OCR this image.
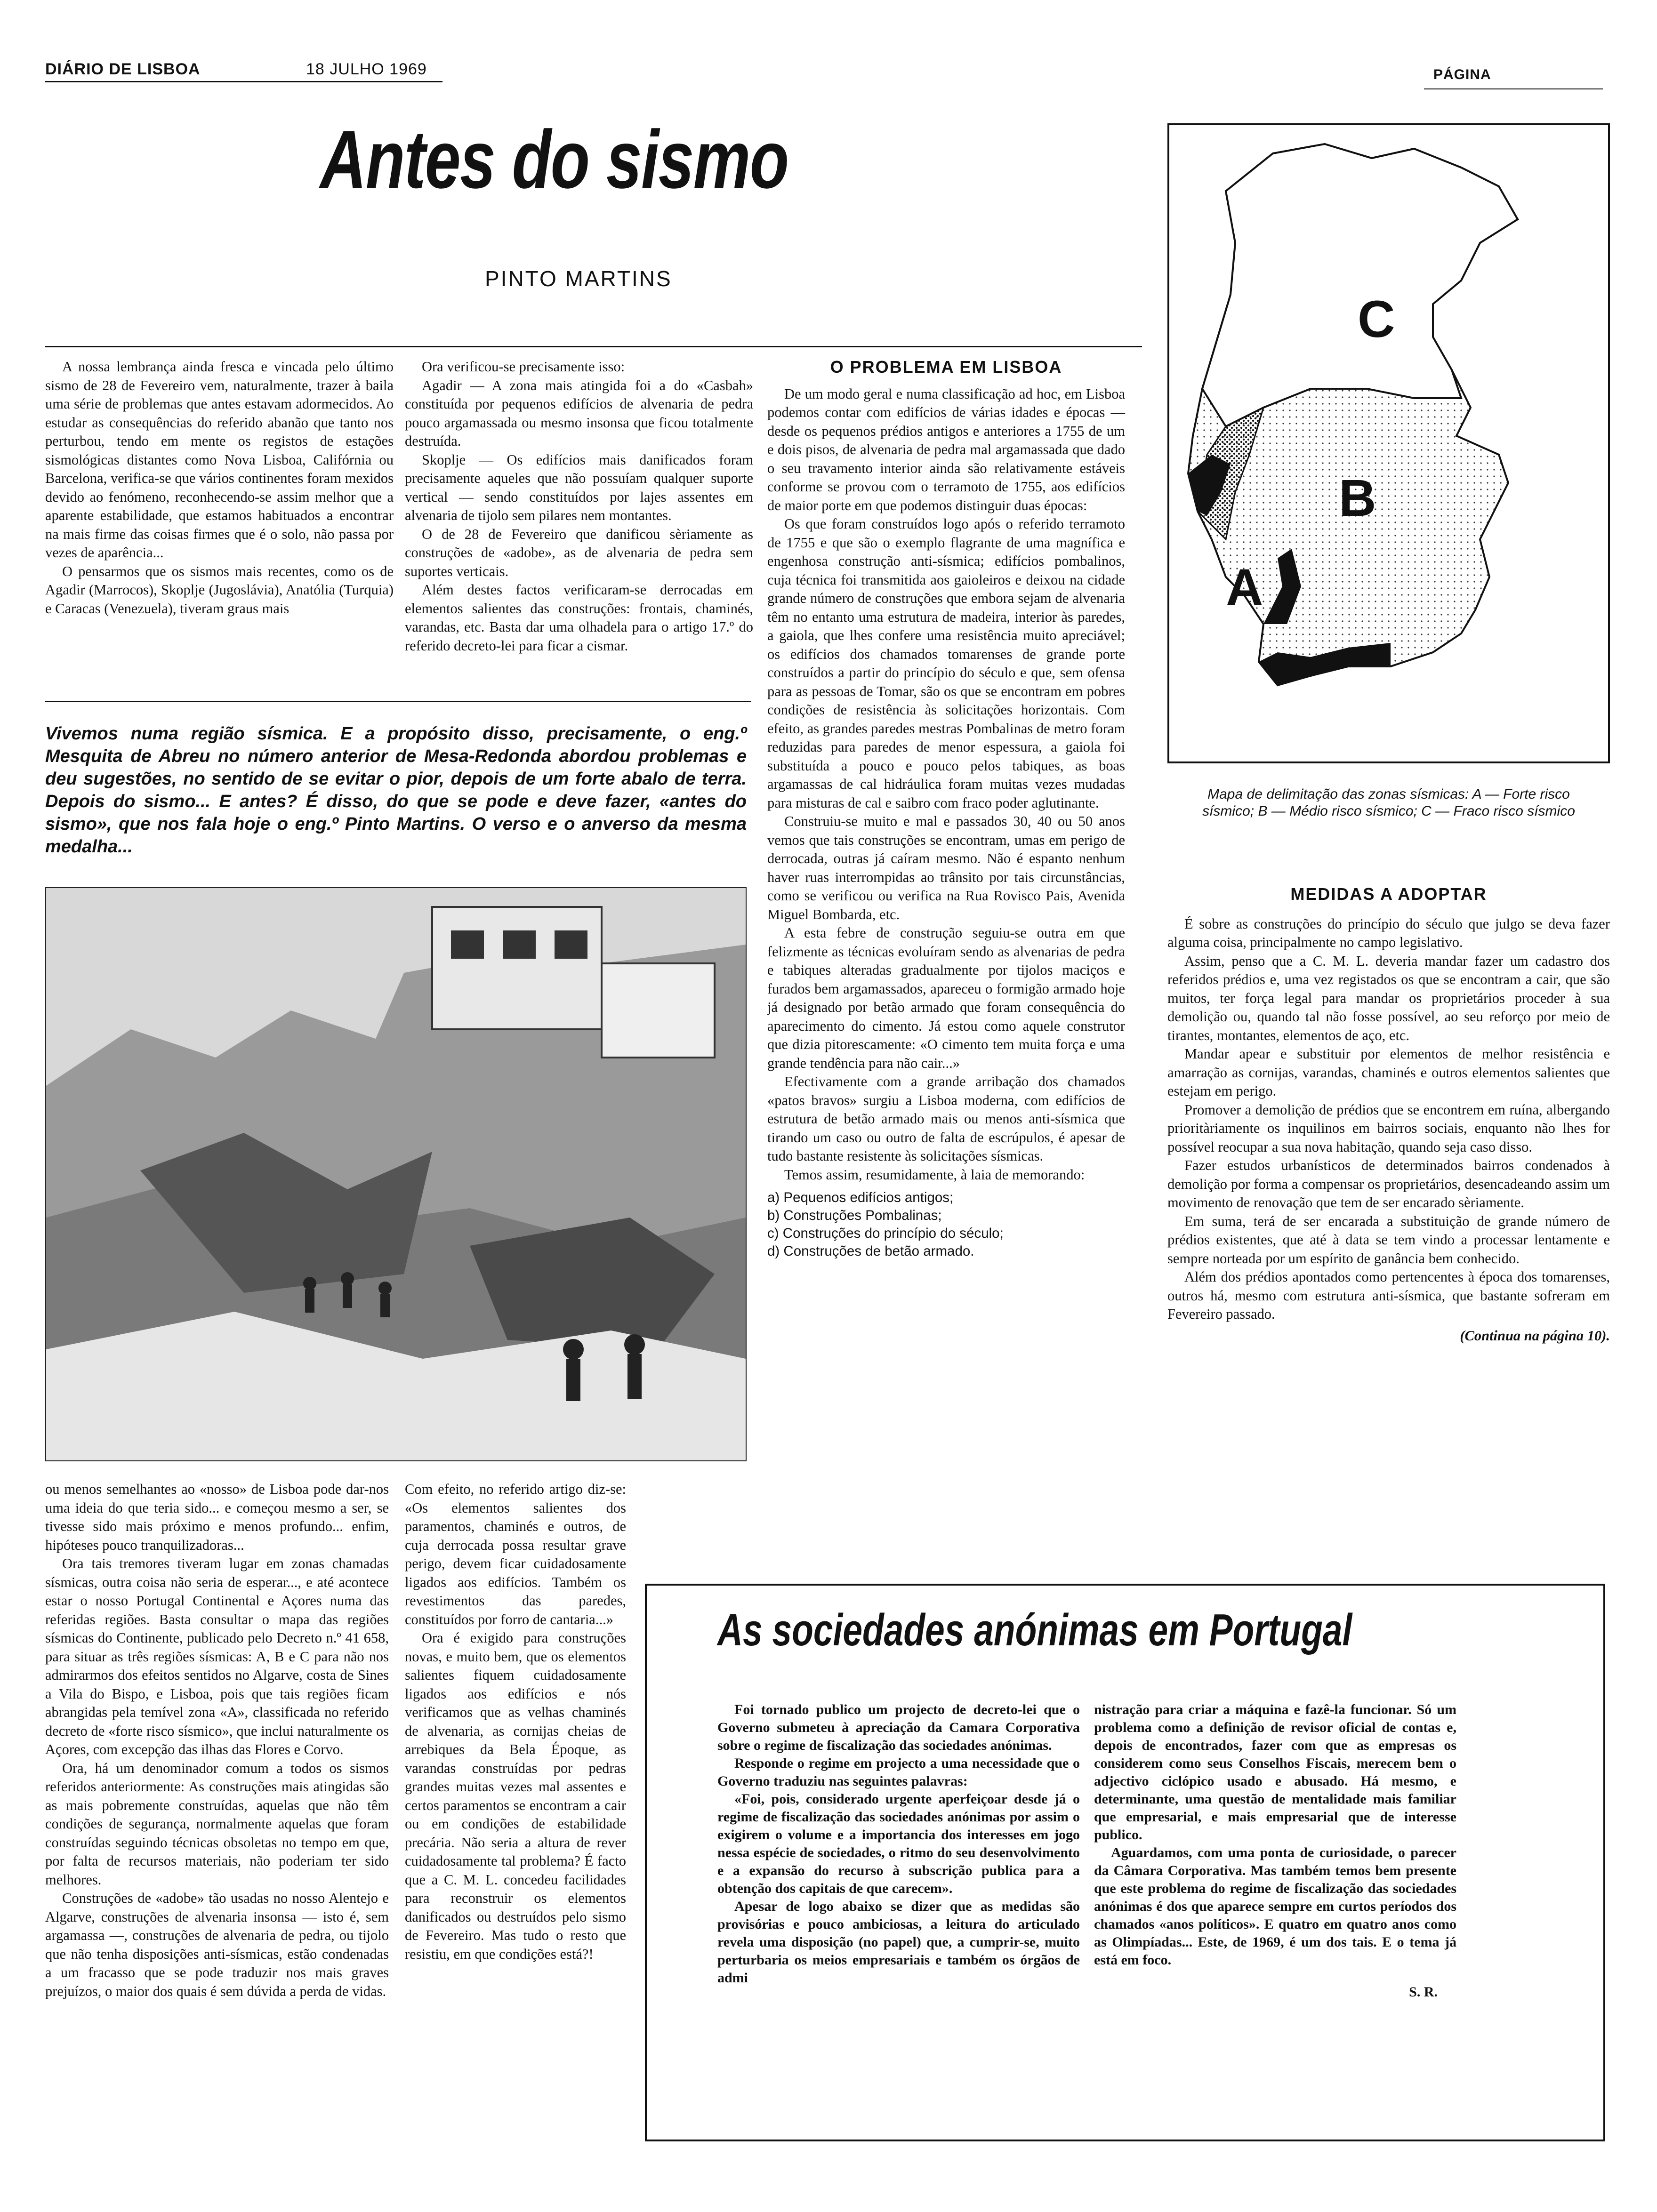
DIÁRIO DE LISBOA	18 JULHO 1969	PÁGINA
Antes do sismo
PINTO MARTINS
C
B
A
Mapa de delimitação das zonas sísmicas: A — Forte risco sísmico; B — Médio risco sísmico; C — Fraco risco sísmico

A nossa lembrança ainda fresca e vincada pelo último sismo de 28 de Fevereiro vem, naturalmente, trazer à baila uma série de problemas que antes estavam adormecidos. Ao estudar as consequências do referido abanão que tanto nos perturbou, tendo em mente os registos de estações sismológicas distantes como Nova Lisboa, Califórnia ou Barcelona, verifica-se que vários continentes foram mexidos devido ao fenómeno, reconhecendo-se assim melhor que a aparente estabilidade, que estamos habituados a encontrar na mais firme das coisas firmes que é o solo, não passa por vezes de aparência...

O pensarmos que os sismos mais recentes, como os de Agadir (Marrocos), Skoplje (Jugoslávia), Anatólia (Turquia) e Caracas (Venezuela), tiveram graus mais

Ora verificou-se precisamente isso:

Agadir — A zona mais atingida foi a do «Casbah» constituída por pequenos edifícios de alvenaria de pedra pouco argamassada ou mesmo insonsa que ficou totalmente destruída.

Skoplje — Os edifícios mais danificados foram precisamente aqueles que não possuíam qualquer suporte vertical — sendo constituídos por lajes assentes em alvenaria de tijolo sem pilares nem montantes.

O de 28 de Fevereiro que danificou sèriamente as construções de «adobe», as de alvenaria de pedra sem suportes verticais.

Além destes factos verificaram-se derrocadas em elementos salientes das construções: frontais, chaminés, varandas, etc. Basta dar uma olhadela para o artigo 17.º do referido decreto-lei para ficar a cismar.

Vivemos numa região sísmica. E a propósito disso, precisamente, o eng.º Mesquita de Abreu no número anterior de Mesa-Redonda abordou problemas e deu sugestões, no sentido de se evitar o pior, depois de um forte abalo de terra. Depois do sismo... E antes? É disso, do que se pode e deve fazer, «antes do sismo», que nos fala hoje o eng.º Pinto Martins. O verso e o anverso da mesma medalha...

O PROBLEMA EM LISBOA

De um modo geral e numa classificação ad hoc, em Lisboa podemos contar com edifícios de várias idades e épocas — desde os pequenos prédios antigos e anteriores a 1755 de um e dois pisos, de alvenaria de pedra mal argamassada que dado o seu travamento interior ainda são relativamente estáveis conforme se provou com o terramoto de 1755, aos edifícios de maior porte em que podemos distinguir duas épocas:

Os que foram construídos logo após o referido terramoto de 1755 e que são o exemplo flagrante de uma magnífica e engenhosa construção anti-sísmica; edifícios pombalinos, cuja técnica foi transmitida aos gaioleiros e deixou na cidade grande número de construções que embora sejam de alvenaria têm no entanto uma estrutura de madeira, interior às paredes, a gaiola, que lhes confere uma resistência muito apreciável; os edifícios dos chamados tomarenses de grande porte construídos a partir do princípio do século e que, sem ofensa para as pessoas de Tomar, são os que se encontram em pobres condições de resistência às solicitações horizontais. Com efeito, as grandes paredes mestras Pombalinas de metro foram reduzidas para paredes de menor espessura, a gaiola foi substituída a pouco e pouco pelos tabiques, as boas argamassas de cal hidráulica foram muitas vezes mudadas para misturas de cal e saibro com fraco poder aglutinante.

Construiu-se muito e mal e passados 30, 40 ou 50 anos vemos que tais construções se encontram, umas em perigo de derrocada, outras já caíram mesmo. Não é espanto nenhum haver ruas interrompidas ao trânsito por tais circunstâncias, como se verificou ou verifica na Rua Rovisco Pais, Avenida Miguel Bombarda, etc.

A esta febre de construção seguiu-se outra em que felizmente as técnicas evoluíram sendo as alvenarias de pedra e tabiques alteradas gradualmente por tijolos maciços e furados bem argamassados, apareceu o formigão armado hoje já designado por betão armado que foram consequência do aparecimento do cimento. Já estou como aquele construtor que dizia pitorescamente: «O cimento tem muita força e uma grande tendência para não cair...»

Efectivamente com a grande arribação dos chamados «patos bravos» surgiu a Lisboa moderna, com edifícios de estrutura de betão armado mais ou menos anti-sísmica que tirando um caso ou outro de falta de escrúpulos, é apesar de tudo bastante resistente às solicitações sísmicas.

Temos assim, resumidamente, à laia de memorando:

a) Pequenos edifícios antigos;
b) Construções Pombalinas;
c) Construções do princípio do século;
d) Construções de betão armado.
MEDIDAS A ADOPTAR

É sobre as construções do princípio do século que julgo se deva fazer alguma coisa, principalmente no campo legislativo.

Assim, penso que a C. M. L. deveria mandar fazer um cadastro dos referidos prédios e, uma vez registados os que se encontram a cair, que são muitos, ter força legal para mandar os proprietários proceder à sua demolição ou, quando tal não fosse possível, ao seu reforço por meio de tirantes, montantes, elementos de aço, etc.

Mandar apear e substituir por elementos de melhor resistência e amarração as cornijas, varandas, chaminés e outros elementos salientes que estejam em perigo.

Promover a demolição de prédios que se encontrem em ruína, albergando prioritàriamente os inquilinos em bairros sociais, enquanto não lhes for possível reocupar a sua nova habitação, quando seja caso disso.

Fazer estudos urbanísticos de determinados bairros condenados à demolição por forma a compensar os proprietários, desencadeando assim um movimento de renovação que tem de ser encarado sèriamente.

Em suma, terá de ser encarada a substituição de grande número de prédios existentes, que até à data se tem vindo a processar lentamente e sempre norteada por um espírito de ganância bem conhecido.

Além dos prédios apontados como pertencentes à época dos tomarenses, outros há, mesmo com estrutura anti-sísmica, que bastante sofreram em Fevereiro passado.

(Continua na página 10).

ou menos semelhantes ao «nosso» de Lisboa pode dar-nos uma ideia do que teria sido... e começou mesmo a ser, se tivesse sido mais próximo e menos profundo... enfim, hipóteses pouco tranquilizadoras...

Ora tais tremores tiveram lugar em zonas chamadas sísmicas, outra coisa não seria de esperar..., e até acontece estar o nosso Portugal Continental e Açores numa das referidas regiões. Basta consultar o mapa das regiões sísmicas do Continente, publicado pelo Decreto n.º 41 658, para situar as três regiões sísmicas: A, B e C para não nos admirarmos dos efeitos sentidos no Algarve, costa de Sines a Vila do Bispo, e Lisboa, pois que tais regiões ficam abrangidas pela temível zona «A», classificada no referido decreto de «forte risco sísmico», que inclui naturalmente os Açores, com excepção das ilhas das Flores e Corvo.

Ora, há um denominador comum a todos os sismos referidos anteriormente: As construções mais atingidas são as mais pobremente construídas, aquelas que não têm condições de segurança, normalmente aquelas que foram construídas seguindo técnicas obsoletas no tempo em que, por falta de recursos materiais, não poderiam ter sido melhores.

Construções de «adobe» tão usadas no nosso Alentejo e Algarve, construções de alvenaria insonsa — isto é, sem argamassa —, construções de alvenaria de pedra, ou tijolo que não tenha disposições anti-sísmicas, estão condenadas a um fracasso que se pode traduzir nos mais graves prejuízos, o maior dos quais é sem dúvida a perda de vidas.

Com efeito, no referido artigo diz-se: «Os elementos salientes dos paramentos, chaminés e outros, de cuja derrocada possa resultar grave perigo, devem ficar cuidadosamente ligados aos edifícios. Também os revestimentos das paredes, constituídos por forro de cantaria...»

Ora é exigido para construções novas, e muito bem, que os elementos salientes fiquem cuidadosamente ligados aos edifícios e nós verificamos que as velhas chaminés de alvenaria, as cornijas cheias de arrebiques da Bela Époque, as varandas construídas por pedras grandes muitas vezes mal assentes e certos paramentos se encontram a cair ou em condições de estabilidade precária. Não seria a altura de rever cuidadosamente tal problema? É facto que a C. M. L. concedeu facilidades para reconstruir os elementos danificados ou destruídos pelo sismo de Fevereiro. Mas tudo o resto que resistiu, em que condições está?!

As sociedades anónimas em Portugal

Foi tornado publico um projecto de decreto-lei que o Governo submeteu à apreciação da Camara Corporativa sobre o regime de fiscalização das sociedades anónimas.

Responde o regime em projecto a uma necessidade que o Governo traduziu nas seguintes palavras:

«Foi, pois, considerado urgente aperfeiçoar desde já o regime de fiscalização das sociedades anónimas por assim o exigirem o volume e a importancia dos interesses em jogo nessa espécie de sociedades, o ritmo do seu desenvolvimento e a expansão do recurso à subscrição publica para a obtenção dos capitais de que carecem».

Apesar de logo abaixo se dizer que as medidas são provisórias e pouco ambiciosas, a leitura do articulado revela uma disposição (no papel) que, a cumprir-se, muito perturbaria os meios empresariais e também os órgãos de admi

nistração para criar a máquina e fazê-la funcionar. Só um problema como a definição de revisor oficial de contas e, depois de encontrados, fazer com que as empresas os considerem como seus Conselhos Fiscais, merecem bem o adjectivo ciclópico usado e abusado. Há mesmo, e determinante, uma questão de mentalidade mais familiar que empresarial, e mais empresarial que de interesse publico.

Aguardamos, com uma ponta de curiosidade, o parecer da Câmara Corporativa. Mas também temos bem presente que este problema do regime de fiscalização das sociedades anónimas é dos que aparece sempre em curtos períodos dos chamados «anos políticos». E quatro em quatro anos como as Olimpíadas... Este, de 1969, é um dos tais. E o tema já está em foco.

S. R.
